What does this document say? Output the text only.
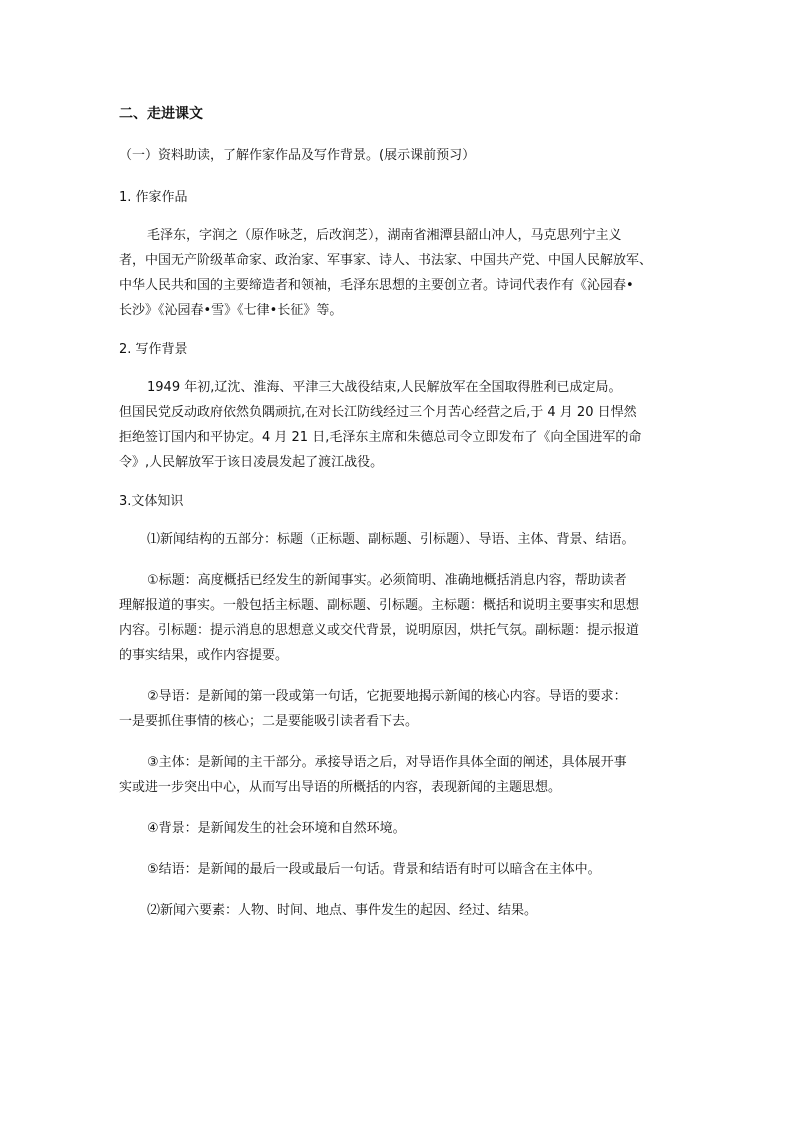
二、走进课文
（一）资料助读，了解作家作品及写作背景。(展示课前预习）
1. 作家作品
毛泽东，字润之（原作咏芝，后改润芝），湖南省湘潭县韶山冲人，马克思列宁主义
者，中国无产阶级革命家、政治家、军事家、诗人、书法家、中国共产党、中国人民解放军、
中华人民共和国的主要缔造者和领袖，毛泽东思想的主要创立者。诗词代表作有《沁园春•
长沙》《沁园春•雪》《七律•长征》等。
2. 写作背景
1949 年初,辽沈、淮海、平津三大战役结束,人民解放军在全国取得胜利已成定局。
但国民党反动政府依然负隅顽抗,在对长江防线经过三个月苦心经营之后,于 4 月 20 日悍然
拒绝签订国内和平协定。4 月 21 日,毛泽东主席和朱德总司令立即发布了《向全国进军的命
令》,人民解放军于该日凌晨发起了渡江战役。
3.文体知识
⑴新闻结构的五部分：标题（正标题、副标题、引标题）、导语、主体、背景、结语。
①标题：高度概括已经发生的新闻事实。必须简明、准确地概括消息内容，帮助读者
理解报道的事实。一般包括主标题、副标题、引标题。主标题：概括和说明主要事实和思想
内容。引标题：提示消息的思想意义或交代背景，说明原因，烘托气氛。副标题：提示报道
的事实结果，或作内容提要。
②导语：是新闻的第一段或第一句话，它扼要地揭示新闻的核心内容。导语的要求：
一是要抓住事情的核心；二是要能吸引读者看下去。
③主体：是新闻的主干部分。承接导语之后，对导语作具体全面的阐述，具体展开事
实或进一步突出中心，从而写出导语的所概括的内容，表现新闻的主题思想。
④背景：是新闻发生的社会环境和自然环境。
⑤结语：是新闻的最后一段或最后一句话。背景和结语有时可以暗含在主体中。
⑵新闻六要素：人物、时间、地点、事件发生的起因、经过、结果。
